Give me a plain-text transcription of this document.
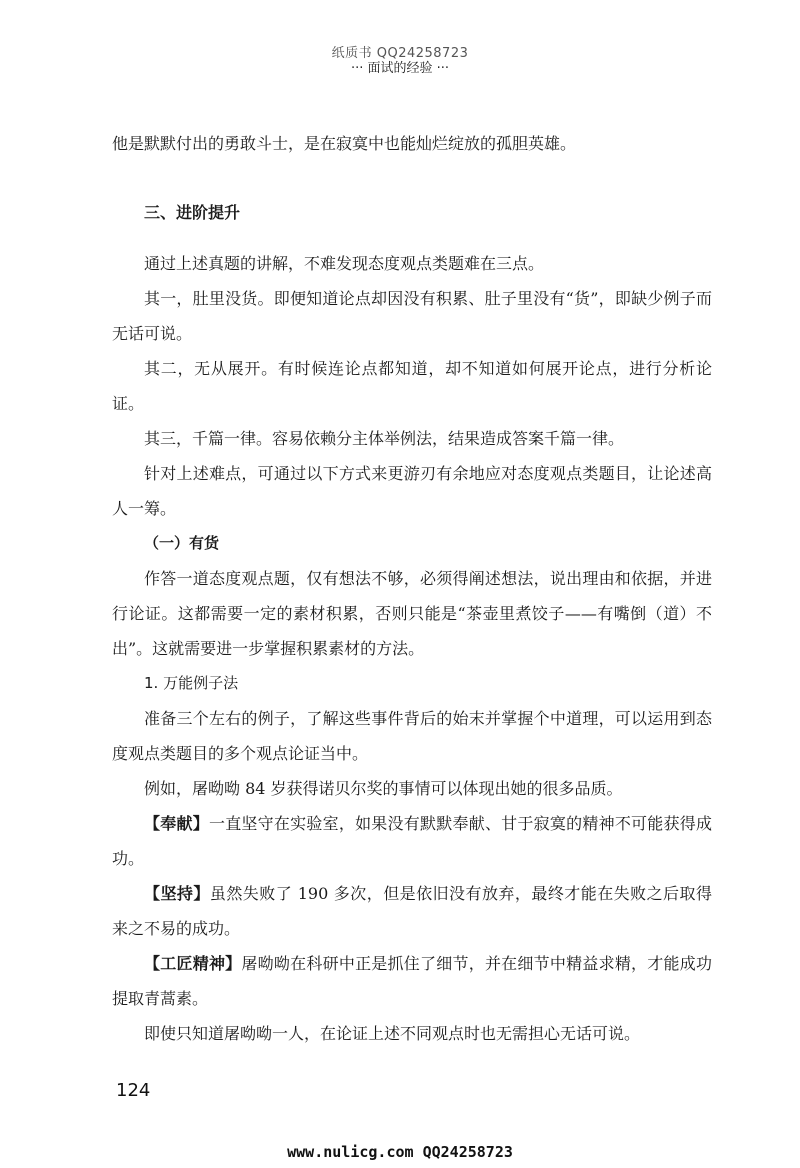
纸质书 QQ24258723
··· 面试的经验 ···

他是默默付出的勇敢斗士，是在寂寞中也能灿烂绽放的孤胆英雄。

三、进阶提升

通过上述真题的讲解，不难发现态度观点类题难在三点。

其一，肚里没货。即便知道论点却因没有积累、肚子里没有“货”，即缺少例子而无话可说。

其二，无从展开。有时候连论点都知道，却不知道如何展开论点，进行分析论证。

其三，千篇一律。容易依赖分主体举例法，结果造成答案千篇一律。

针对上述难点，可通过以下方式来更游刃有余地应对态度观点类题目，让论述高人一筹。

（一）有货

作答一道态度观点题，仅有想法不够，必须得阐述想法，说出理由和依据，并进行论证。这都需要一定的素材积累，否则只能是“茶壶里煮饺子——有嘴倒（道）不出”。这就需要进一步掌握积累素材的方法。

1. 万能例子法

准备三个左右的例子，了解这些事件背后的始末并掌握个中道理，可以运用到态度观点类题目的多个观点论证当中。

例如，屠呦呦 84 岁获得诺贝尔奖的事情可以体现出她的很多品质。

【奉献】一直坚守在实验室，如果没有默默奉献、甘于寂寞的精神不可能获得成功。

【坚持】虽然失败了 190 多次，但是依旧没有放弃，最终才能在失败之后取得来之不易的成功。

【工匠精神】屠呦呦在科研中正是抓住了细节，并在细节中精益求精，才能成功提取青蒿素。

即使只知道屠呦呦一人，在论证上述不同观点时也无需担心无话可说。

124
www.nulicg.com QQ24258723
